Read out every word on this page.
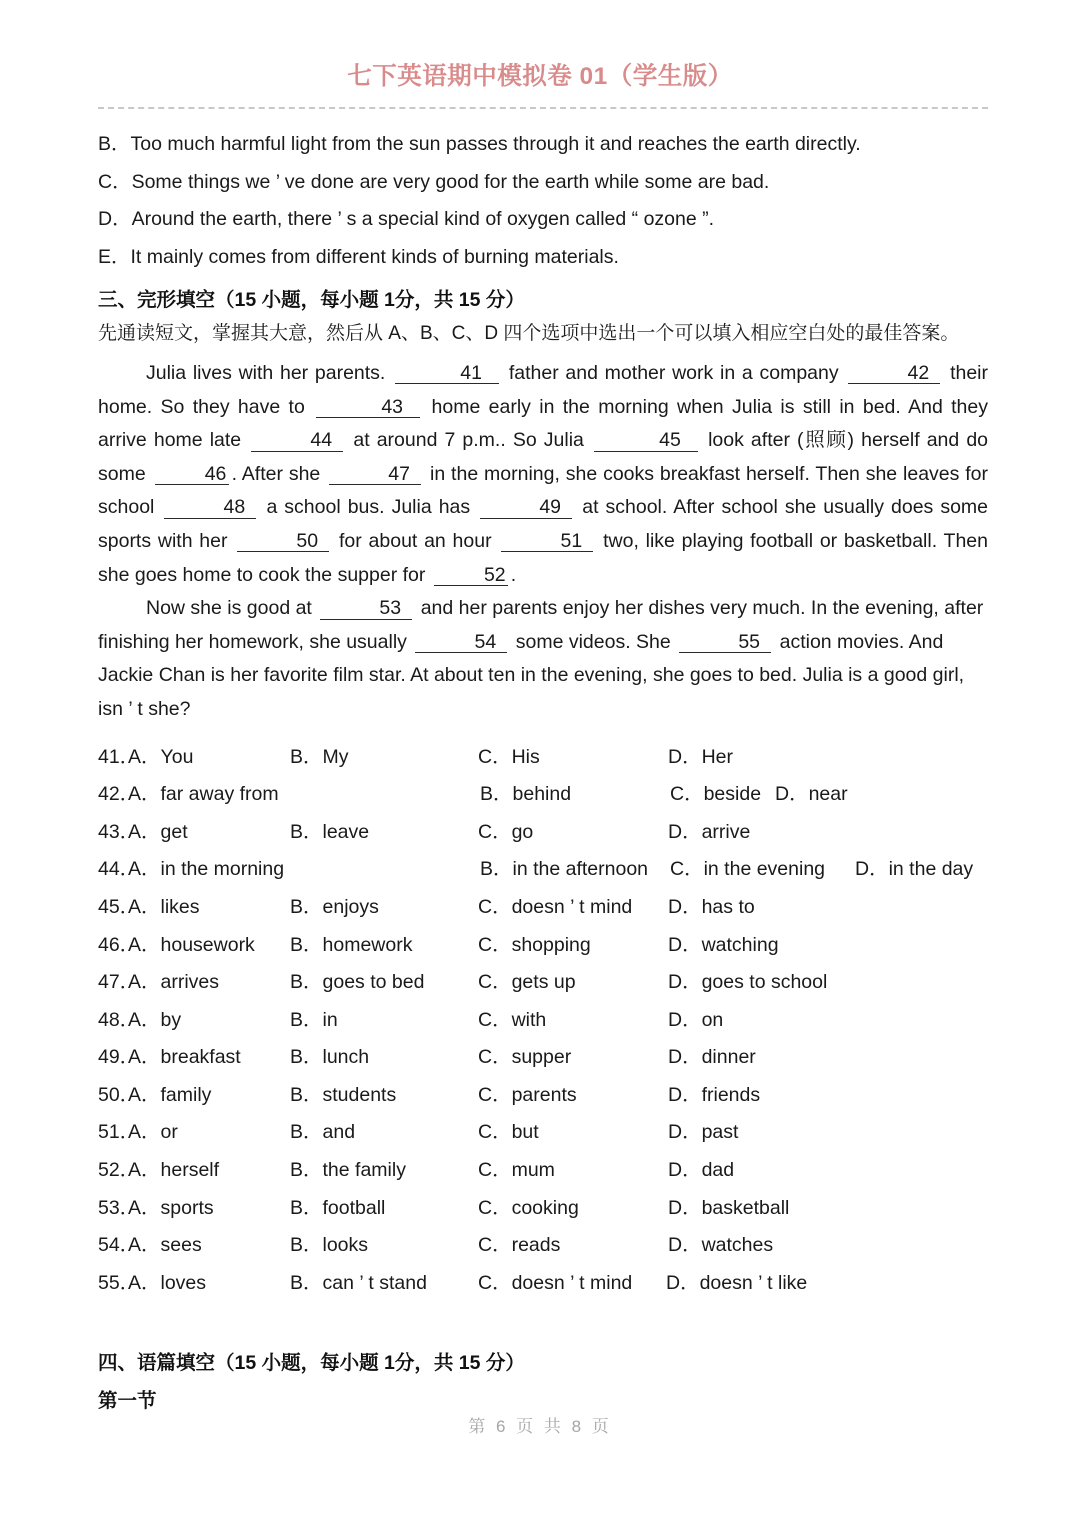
七下英语期中模拟卷 01（学生版）
B．Too much harmful light from the sun passes through it and reaches the earth directly.
C．Some things we ’ ve done are very good for the earth while some are bad.
D．Around the earth, there ’ s a special kind of oxygen called “ ozone ”.
E．It mainly comes from different kinds of burning materials.
三、完形填空（15 小题，每小题 1分，共 15 分）
先通读短文，掌握其大意，然后从 A、B、C、D 四个选项中选出一个可以填入相应空白处的最佳答案。

Julia lives with her parents.	41 father and mother work in a company	42 their home. So they have to	43 home early in the morning when Julia is still in bed. And they arrive home late	44 at around 7 p.m.. So Julia	45 look after (照顾) herself and do some	46 . After she	47 in the morning, she cooks breakfast herself. Then she leaves for school	48 a school bus. Julia has	49 at school. After school she usually does some sports with her	50 for about an hour	51 two, like playing football or basketball. Then she goes home to cook the supper for	52 .

Now she is good at	53 and her parents enjoy her dishes very much. In the evening, after finishing her homework, she usually	54 some videos. She	55 action movies. And Jackie Chan is her favorite film star. At about ten in the evening, she goes to bed. Julia is a good girl, isn ’ t she?

41．
A．You	B．My	C．His	D．Her
42．
A．far away from	B．behind	C．beside D．near
43．
A．get	B．leave	C．go	D．arrive
44．
A．in the morning	B．in the afternoon C．in the evening D．in the day
45．
A．likes	B．enjoys	C．doesn ’ t mind D．has to
46．
A．housework B．homework	C．shopping	D．watching
47．
A．arrives	B．goes to bed	C．gets up	D．goes to school
48．
A．by	B．in	C．with	D．on
49．
A．breakfast	B．lunch	C．supper	D．dinner
50．
A．family	B．students	C．parents	D．friends
51．
A．or	B．and	C．but	D．past
52．
A．herself	B．the family	C．mum	D．dad
53．
A．sports	B．football	C．cooking	D．basketball
54．
A．sees	B．looks	C．reads	D．watches
55．
A．loves	B．can ’ t stand	C．doesn ’ t mind D．doesn ’ t like
四、语篇填空（15 小题，每小题 1分，共 15 分）
第一节
第 6 页 共 8 页
